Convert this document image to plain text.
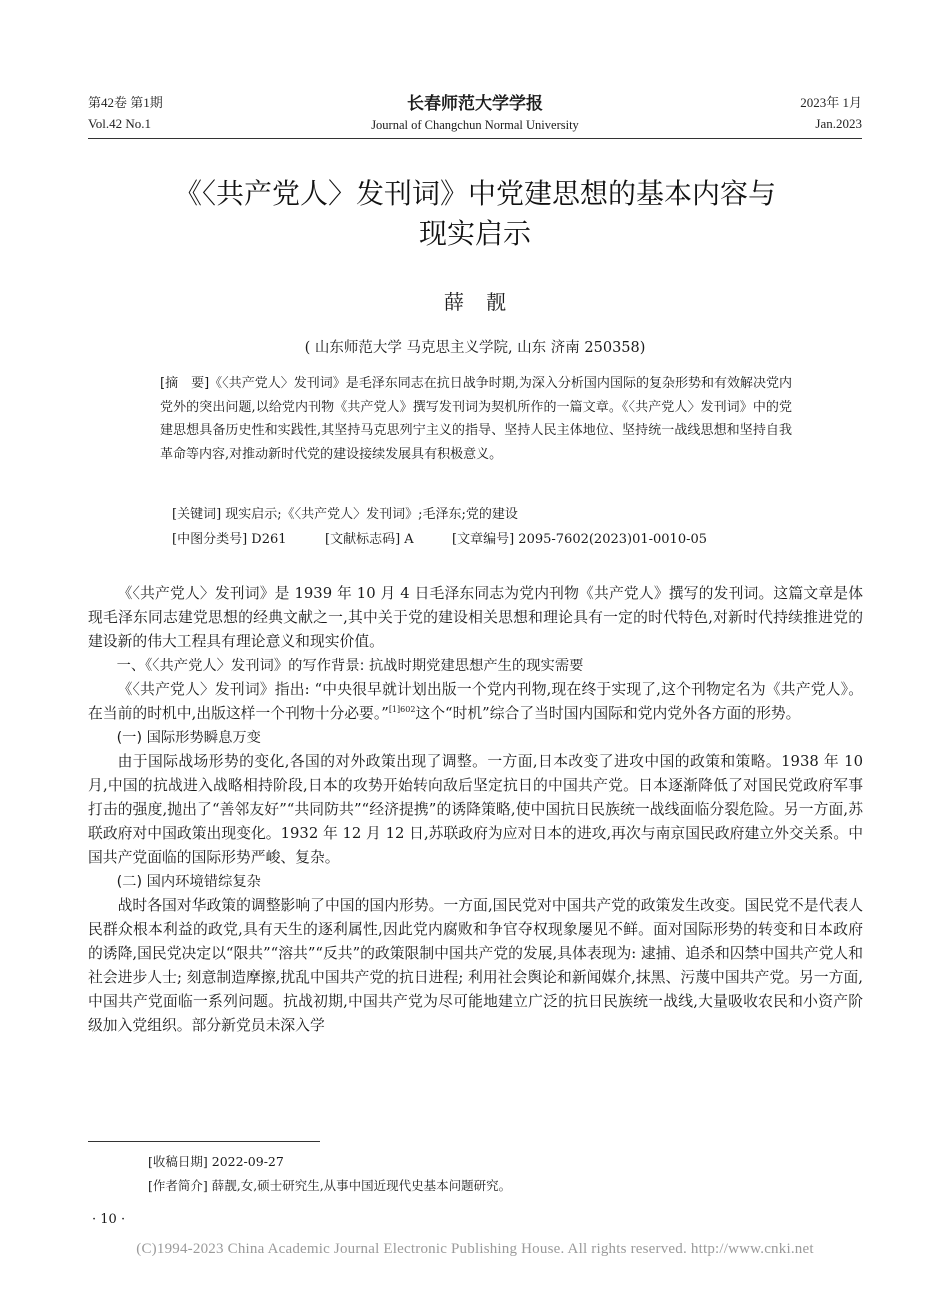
第42卷 第1期
Vol.42 No.1
长春师范大学学报
Journal of Changchun Normal University
2023年 1月
Jan.2023
《〈共产党人〉发刊词》中党建思想的基本内容与
现实启示
薛靓
( 山东师范大学 马克思主义学院, 山东 济南 250358)
[摘　要]《〈共产党人〉发刊词》是毛泽东同志在抗日战争时期,为深入分析国内国际的复杂形势和有效解决党内党外的突出问题,以给党内刊物《共产党人》撰写发刊词为契机所作的一篇文章。《〈共产党人〉发刊词》中的党建思想具备历史性和实践性,其坚持马克思列宁主义的指导、坚持人民主体地位、坚持统一战线思想和坚持自我革命等内容,对推动新时代党的建设接续发展具有积极意义。
[关键词] 现实启示;《〈共产党人〉发刊词》;毛泽东;党的建设
[中图分类号] D261	[文献标志码] A	[文章编号] 2095-7602(2023)01-0010-05

《〈共产党人〉发刊词》是 1939 年 10 月 4 日毛泽东同志为党内刊物《共产党人》撰写的发刊词。这篇文章是体现毛泽东同志建党思想的经典文献之一,其中关于党的建设相关思想和理论具有一定的时代特色,对新时代持续推进党的建设新的伟大工程具有理论意义和现实价值。

一、《〈共产党人〉发刊词》的写作背景: 抗战时期党建思想产生的现实需要

《〈共产党人〉发刊词》指出: “中央很早就计划出版一个党内刊物,现在终于实现了,这个刊物定名为《共产党人》。在当前的时机中,出版这样一个刊物十分必要。”$^{[1]602}$这个“时机”综合了当时国内国际和党内党外各方面的形势。

(一) 国际形势瞬息万变

由于国际战场形势的变化,各国的对外政策出现了调整。一方面,日本改变了进攻中国的政策和策略。1938 年 10 月,中国的抗战进入战略相持阶段,日本的攻势开始转向敌后坚定抗日的中国共产党。日本逐渐降低了对国民党政府军事打击的强度,抛出了“善邻友好”“共同防共”“经济提携”的诱降策略,使中国抗日民族统一战线面临分裂危险。另一方面,苏联政府对中国政策出现变化。1932 年 12 月 12 日,苏联政府为应对日本的进攻,再次与南京国民政府建立外交关系。中国共产党面临的国际形势严峻、复杂。

(二) 国内环境错综复杂

战时各国对华政策的调整影响了中国的国内形势。一方面,国民党对中国共产党的政策发生改变。国民党不是代表人民群众根本利益的政党,具有天生的逐利属性,因此党内腐败和争官夺权现象屡见不鲜。面对国际形势的转变和日本政府的诱降,国民党决定以“限共”“溶共”“反共”的政策限制中国共产党的发展,具体表现为: 逮捕、追杀和囚禁中国共产党人和社会进步人士; 刻意制造摩擦,扰乱中国共产党的抗日进程; 利用社会舆论和新闻媒介,抹黑、污蔑中国共产党。另一方面,中国共产党面临一系列问题。抗战初期,中国共产党为尽可能地建立广泛的抗日民族统一战线,大量吸收农民和小资产阶级加入党组织。部分新党员未深入学

[收稿日期] 2022-09-27
[作者简介] 薛靓,女,硕士研究生,从事中国近现代史基本问题研究。
· 10 ·
(C)1994-2023 China Academic Journal Electronic Publishing House. All rights reserved. http://www.cnki.net
